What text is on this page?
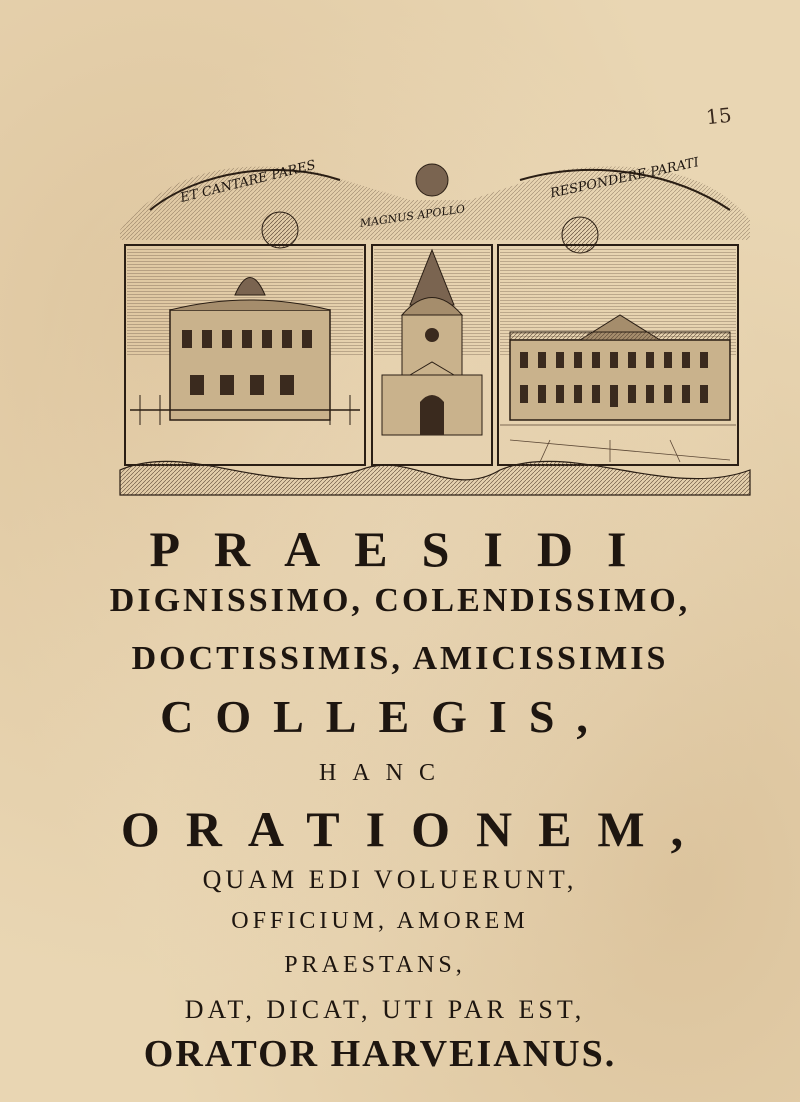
15
ET CANTARE PARES
MAGNUS APOLLO
RESPONDERE PARATI
PRAESIDI
DIGNISSIMO, COLENDISSIMO,
DOCTISSIMIS, AMICISSIMIS
COLLEGIS,
HANC
ORATIONEM,
QUAM EDI VOLUERUNT,
OFFICIUM, AMOREM
PRAESTANS,
DAT, DICAT, UTI PAR EST,
ORATOR HARVEIANUS.
